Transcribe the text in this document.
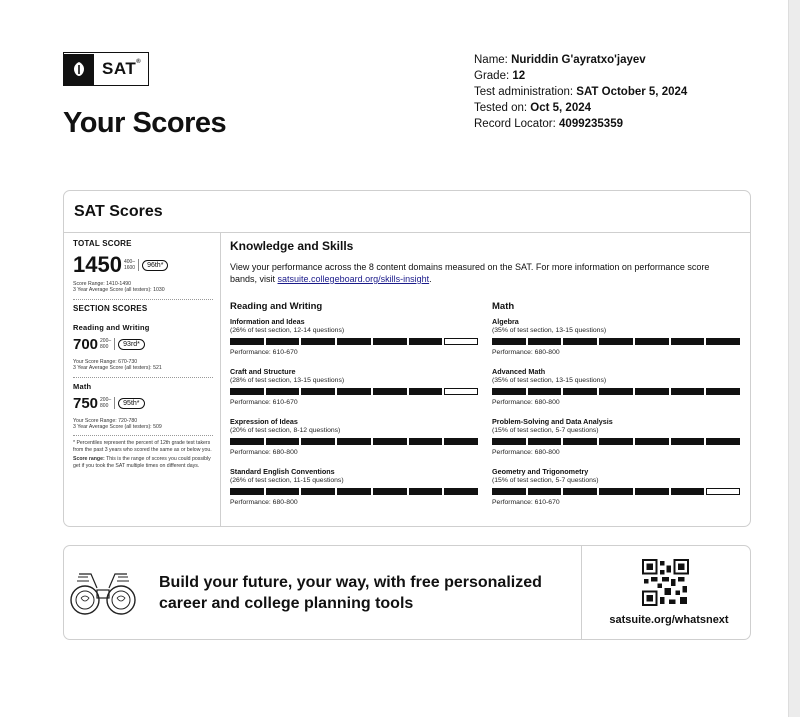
SAT®
Your Scores
Name: Nuriddin G'ayratxo'jayev
Grade: 12
Test administration: SAT October 5, 2024
Tested on: Oct 5, 2024
Record Locator: 4099235359
SAT Scores
TOTAL SCORE
1450 400–
1600	96th*
Score Range: 1410-1490
3 Year Average Score (all testers): 1030
SECTION SCORES
Reading and Writing
700 200–
800	93rd*
Your Score Range: 670-730
3 Year Average Score (all testers): 521
Math
750 200–
800	95th*
Your Score Range: 720-780
3 Year Average Score (all testers): 509
* Percentiles represent the percent of 12th grade test takers from the past 3 years who scored the same as or below you.
Score range: This is the range of scores you could possibly get if you took the SAT multiple times on different days.
Knowledge and Skills
View your performance across the 8 content domains measured on the SAT. For more information on performance score bands, visit satsuite.collegeboard.org/skills-insight.
Reading and Writing
Information and Ideas
(26% of test section, 12-14 questions)
Performance: 610-670
Craft and Structure
(28% of test section, 13-15 questions)
Performance: 610-670
Expression of Ideas
(20% of test section, 8-12 questions)
Performance: 680-800
Standard English Conventions
(26% of test section, 11-15 questions)
Performance: 680-800
Math
Algebra
(35% of test section, 13-15 questions)
Performance: 680-800
Advanced Math
(35% of test section, 13-15 questions)
Performance: 680-800
Problem-Solving and Data Analysis
(15% of test section, 5-7 questions)
Performance: 680-800
Geometry and Trigonometry
(15% of test section, 5-7 questions)
Performance: 610-670
Build your future, your way, with free personalized
career and college planning tools
satsuite.org/whatsnext
